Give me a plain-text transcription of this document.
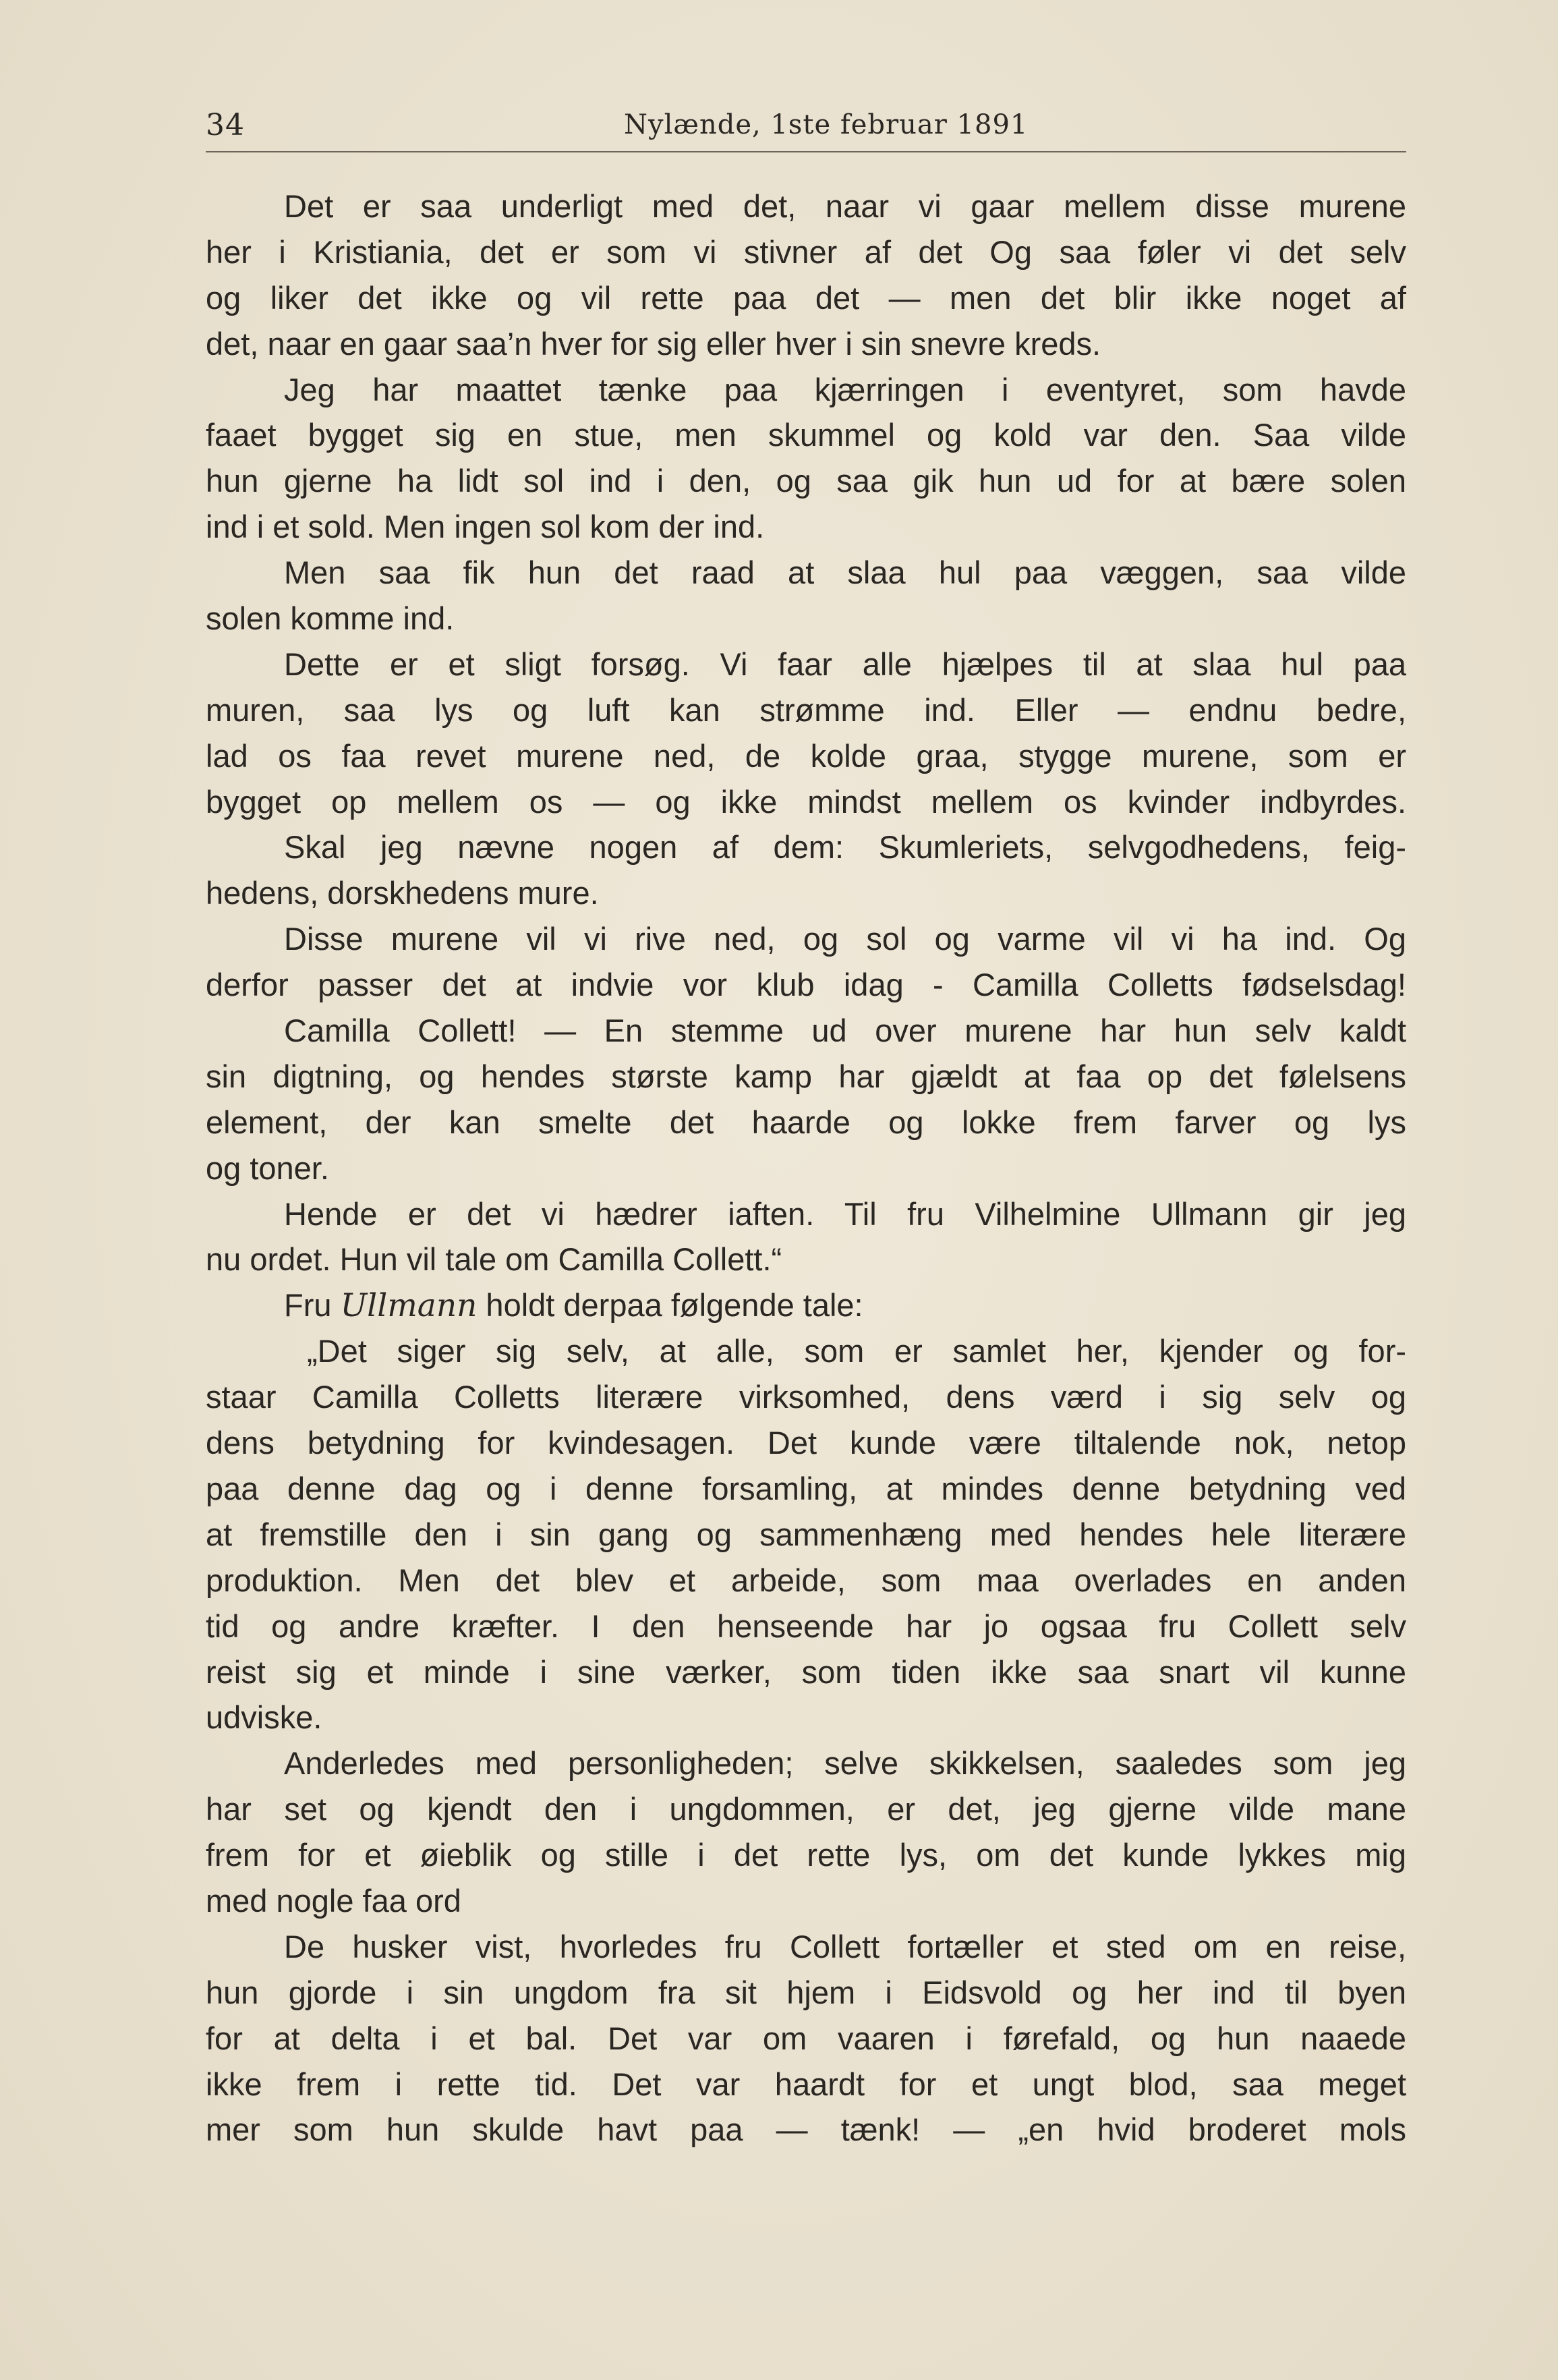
34	Nylænde, 1ste februar 1891
Det er saa underligt med det, naar vi gaar mellem disse murene
her i Kristiania, det er som vi stivner af det Og saa føler vi det selv
og liker det ikke og vil rette paa det — men det blir ikke noget af
det, naar en gaar saa’n hver for sig eller hver i sin snevre kreds.
Jeg har maattet tænke paa kjærringen i eventyret, som havde
faaet bygget sig en stue, men skummel og kold var den. Saa vilde
hun gjerne ha lidt sol ind i den, og saa gik hun ud for at bære solen
ind i et sold. Men ingen sol kom der ind.
Men saa fik hun det raad at slaa hul paa væggen, saa vilde
solen komme ind.
Dette er et sligt forsøg. Vi faar alle hjælpes til at slaa hul paa
muren, saa lys og luft kan strømme ind. Eller — endnu bedre,
lad os faa revet murene ned, de kolde graa, stygge murene, som er
bygget op mellem os — og ikke mindst mellem os kvinder indbyrdes.
Skal jeg nævne nogen af dem: Skumleriets, selvgodhedens, feig-
hedens, dorskhedens mure.
Disse murene vil vi rive ned, og sol og varme vil vi ha ind. Og
derfor passer det at indvie vor klub idag - Camilla Colletts fødselsdag!
Camilla Collett! — En stemme ud over murene har hun selv kaldt
sin digtning, og hendes største kamp har gjældt at faa op det følelsens
element, der kan smelte det haarde og lokke frem farver og lys
og toner.
Hende er det vi hædrer iaften. Til fru Vilhelmine Ullmann gir jeg
nu ordet. Hun vil tale om Camilla Collett.“
Fru Ullmann holdt derpaa følgende tale:
„Det siger sig selv, at alle, som er samlet her, kjender og for-
staar Camilla Colletts literære virksomhed, dens værd i sig selv og
dens betydning for kvindesagen. Det kunde være tiltalende nok, netop
paa denne dag og i denne forsamling, at mindes denne betydning ved
at fremstille den i sin gang og sammenhæng med hendes hele literære
produktion. Men det blev et arbeide, som maa overlades en anden
tid og andre kræfter. I den henseende har jo ogsaa fru Collett selv
reist sig et minde i sine værker, som tiden ikke saa snart vil kunne
udviske.
Anderledes med personligheden; selve skikkelsen, saaledes som jeg
har set og kjendt den i ungdommen, er det, jeg gjerne vilde mane
frem for et øieblik og stille i det rette lys, om det kunde lykkes mig
med nogle faa ord
De husker vist, hvorledes fru Collett fortæller et sted om en reise,
hun gjorde i sin ungdom fra sit hjem i Eidsvold og her ind til byen
for at delta i et bal. Det var om vaaren i førefald, og hun naaede
ikke frem i rette tid. Det var haardt for et ungt blod, saa meget
mer som hun skulde havt paa — tænk! — „en hvid broderet mols
